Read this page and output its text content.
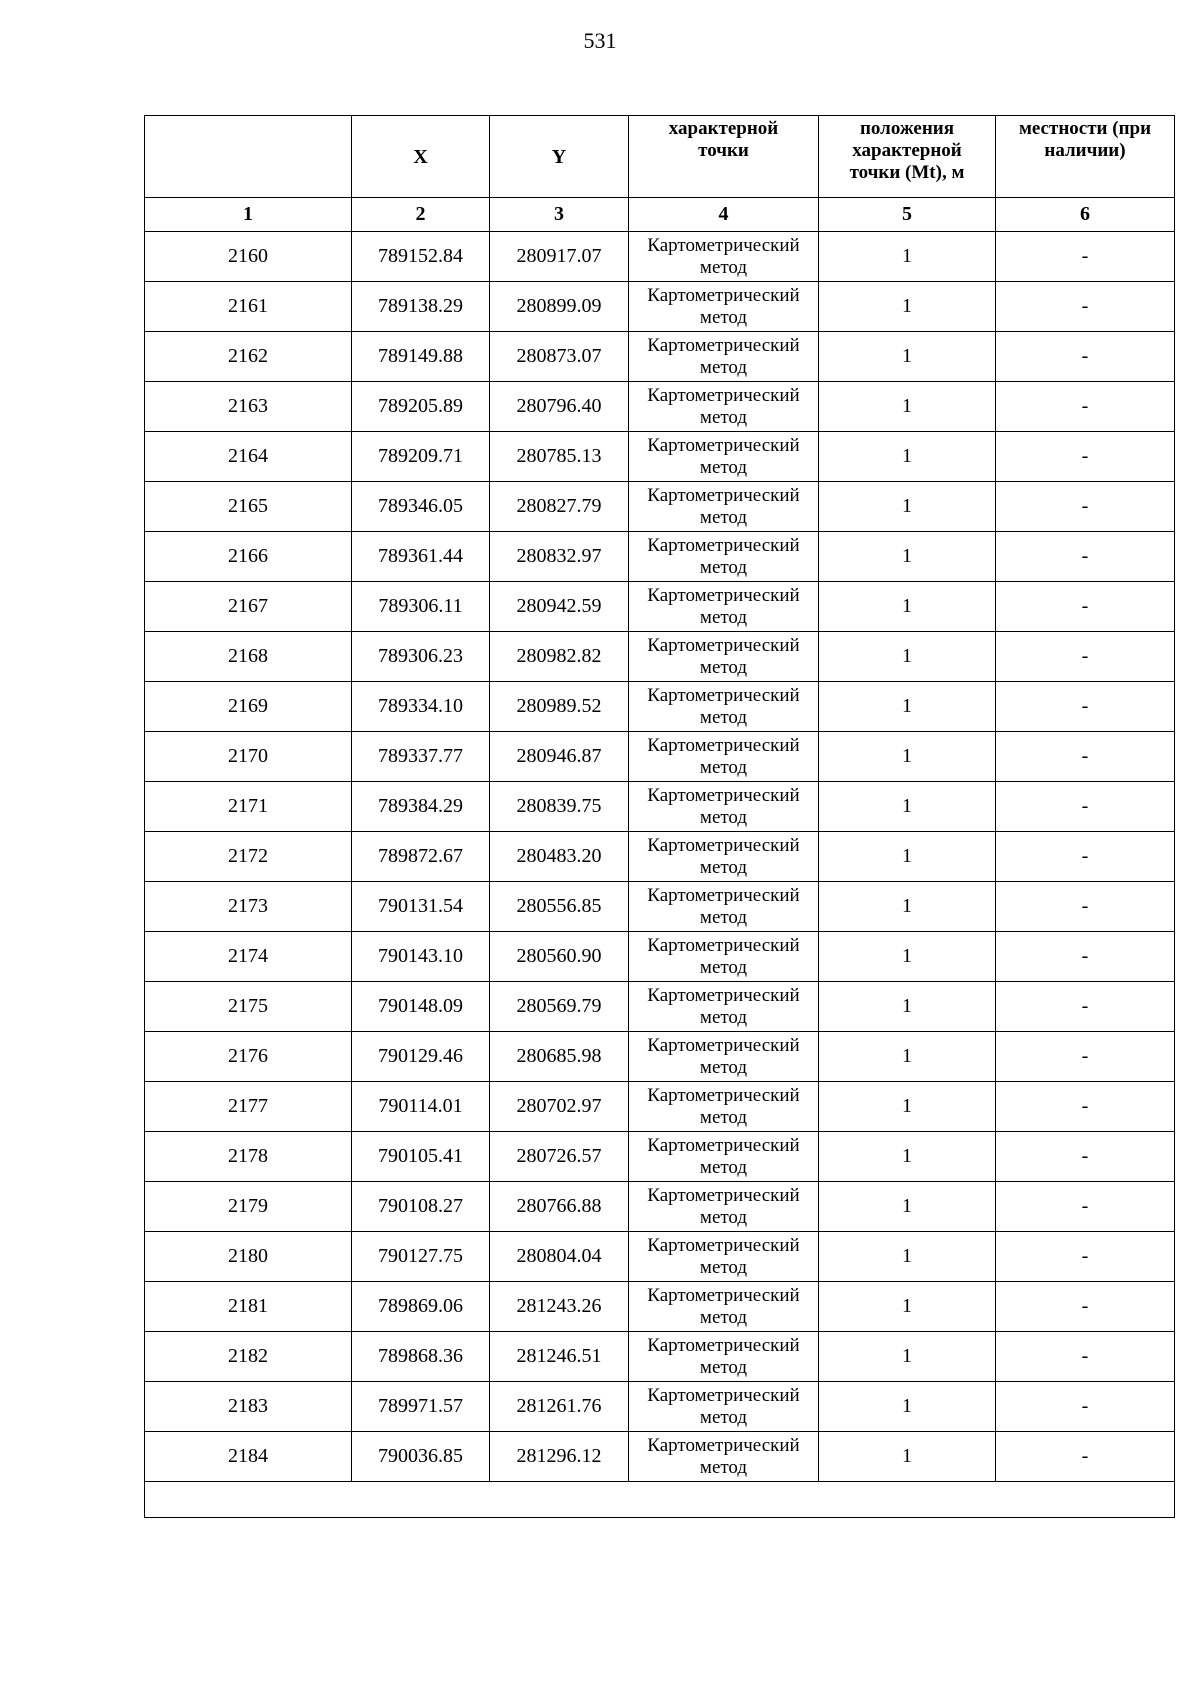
531
	X	Y	характерной
точки	положения
характерной
точки (Mt), м	местности (при
наличии)
1	2	3	4	5	6
2160	789152.84	280917.07	Картометрический
метод	1	-
2161	789138.29	280899.09	Картометрический
метод	1	-
2162	789149.88	280873.07	Картометрический
метод	1	-
2163	789205.89	280796.40	Картометрический
метод	1	-
2164	789209.71	280785.13	Картометрический
метод	1	-
2165	789346.05	280827.79	Картометрический
метод	1	-
2166	789361.44	280832.97	Картометрический
метод	1	-
2167	789306.11	280942.59	Картометрический
метод	1	-
2168	789306.23	280982.82	Картометрический
метод	1	-
2169	789334.10	280989.52	Картометрический
метод	1	-
2170	789337.77	280946.87	Картометрический
метод	1	-
2171	789384.29	280839.75	Картометрический
метод	1	-
2172	789872.67	280483.20	Картометрический
метод	1	-
2173	790131.54	280556.85	Картометрический
метод	1	-
2174	790143.10	280560.90	Картометрический
метод	1	-
2175	790148.09	280569.79	Картометрический
метод	1	-
2176	790129.46	280685.98	Картометрический
метод	1	-
2177	790114.01	280702.97	Картометрический
метод	1	-
2178	790105.41	280726.57	Картометрический
метод	1	-
2179	790108.27	280766.88	Картометрический
метод	1	-
2180	790127.75	280804.04	Картометрический
метод	1	-
2181	789869.06	281243.26	Картометрический
метод	1	-
2182	789868.36	281246.51	Картометрический
метод	1	-
2183	789971.57	281261.76	Картометрический
метод	1	-
2184	790036.85	281296.12	Картометрический
метод	1	-
